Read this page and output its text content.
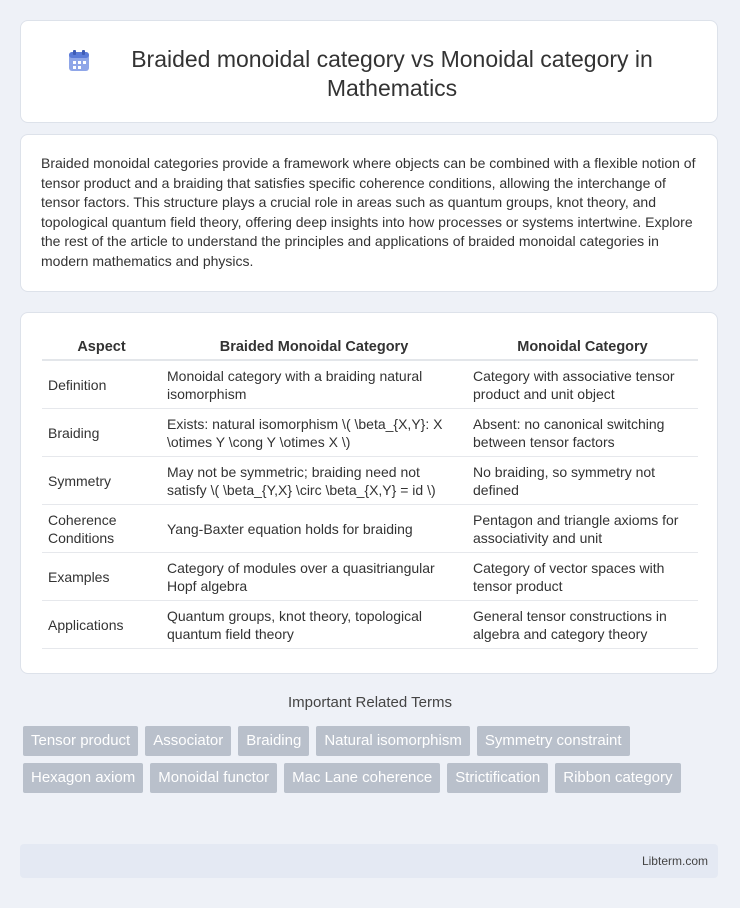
Braided monoidal category vs Monoidal category in Mathematics

Braided monoidal categories provide a framework where objects can be combined with a flexible notion of tensor product and a braiding that satisfies specific coherence conditions, allowing the interchange of tensor factors. This structure plays a crucial role in areas such as quantum groups, knot theory, and topological quantum field theory, offering deep insights into how processes or systems intertwine. Explore the rest of the article to understand the principles and applications of braided monoidal categories in modern mathematics and physics.

Aspect	Braided Monoidal Category	Monoidal Category
Definition	Monoidal category with a braiding natural isomorphism	Category with associative tensor product and unit object
Braiding	Exists: natural isomorphism \( \beta_{X,Y}: X \otimes Y \cong Y \otimes X \)	Absent: no canonical switching between tensor factors
Symmetry	May not be symmetric; braiding need not satisfy \( \beta_{Y,X} \circ \beta_{X,Y} = id \)	No braiding, so symmetry not defined
Coherence Conditions	Yang-Baxter equation holds for braiding	Pentagon and triangle axioms for associativity and unit
Examples	Category of modules over a quasitriangular Hopf algebra	Category of vector spaces with tensor product
Applications	Quantum groups, knot theory, topological quantum field theory	General tensor constructions in algebra and category theory
Important Related Terms
Tensor product	Associator	Braiding	Natural isomorphism	Symmetry constraint
Hexagon axiom	Monoidal functor	Mac Lane coherence	Strictification	Ribbon category
Libterm.com
